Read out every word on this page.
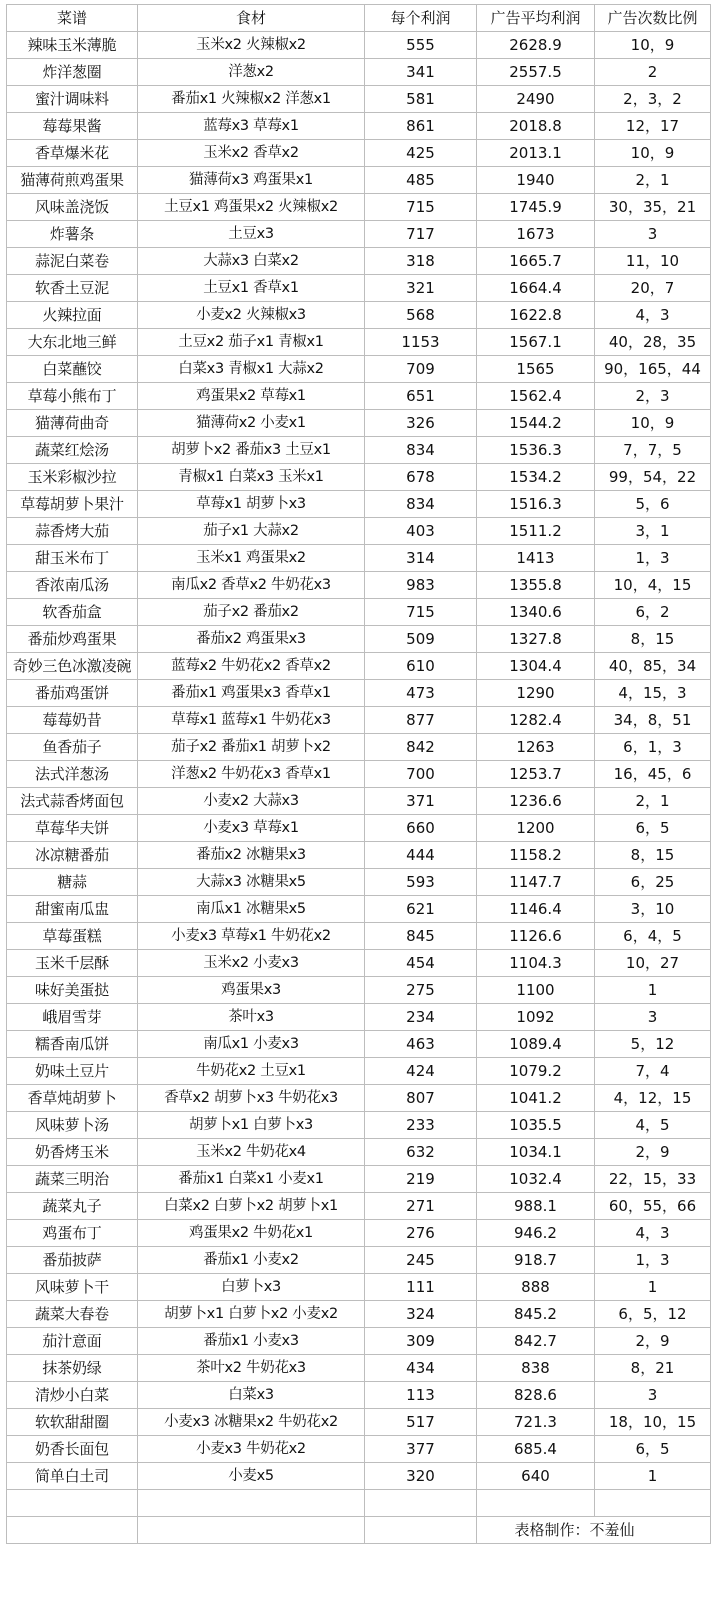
菜谱	食材	每个利润	广告平均利润	广告次数比例
辣味玉米薄脆	玉米x2 火辣椒x2	555	2628.9	10，9
炸洋葱圈	洋葱x2	341	2557.5	2
蜜汁调味料	番茄x1 火辣椒x2 洋葱x1	581	2490	2，3，2
莓莓果酱	蓝莓x3 草莓x1	861	2018.8	12，17
香草爆米花	玉米x2 香草x2	425	2013.1	10，9
猫薄荷煎鸡蛋果	猫薄荷x3 鸡蛋果x1	485	1940	2，1
风味盖浇饭	土豆x1 鸡蛋果x2 火辣椒x2	715	1745.9	30，35，21
炸薯条	土豆x3	717	1673	3
蒜泥白菜卷	大蒜x3 白菜x2	318	1665.7	11，10
软香土豆泥	土豆x1 香草x1	321	1664.4	20，7
火辣拉面	小麦x2 火辣椒x3	568	1622.8	4，3
大东北地三鲜	土豆x2 茄子x1 青椒x1	1153	1567.1	40，28，35
白菜蘸饺	白菜x3 青椒x1 大蒜x2	709	1565	90，165，44
草莓小熊布丁	鸡蛋果x2 草莓x1	651	1562.4	2，3
猫薄荷曲奇	猫薄荷x2 小麦x1	326	1544.2	10，9
蔬菜红烩汤	胡萝卜x2 番茄x3 土豆x1	834	1536.3	7，7，5
玉米彩椒沙拉	青椒x1 白菜x3 玉米x1	678	1534.2	99，54，22
草莓胡萝卜果汁	草莓x1 胡萝卜x3	834	1516.3	5，6
蒜香烤大茄	茄子x1 大蒜x2	403	1511.2	3，1
甜玉米布丁	玉米x1 鸡蛋果x2	314	1413	1，3
香浓南瓜汤	南瓜x2 香草x2 牛奶花x3	983	1355.8	10，4，15
软香茄盒	茄子x2 番茄x2	715	1340.6	6，2
番茄炒鸡蛋果	番茄x2 鸡蛋果x3	509	1327.8	8，15
奇妙三色冰激凌碗	蓝莓x2 牛奶花x2 香草x2	610	1304.4	40，85，34
番茄鸡蛋饼	番茄x1 鸡蛋果x3 香草x1	473	1290	4，15，3
莓莓奶昔	草莓x1 蓝莓x1 牛奶花x3	877	1282.4	34，8，51
鱼香茄子	茄子x2 番茄x1 胡萝卜x2	842	1263	6，1，3
法式洋葱汤	洋葱x2 牛奶花x3 香草x1	700	1253.7	16，45，6
法式蒜香烤面包	小麦x2 大蒜x3	371	1236.6	2，1
草莓华夫饼	小麦x3 草莓x1	660	1200	6，5
冰凉糖番茄	番茄x2 冰糖果x3	444	1158.2	8，15
糖蒜	大蒜x3 冰糖果x5	593	1147.7	6，25
甜蜜南瓜盅	南瓜x1 冰糖果x5	621	1146.4	3，10
草莓蛋糕	小麦x3 草莓x1 牛奶花x2	845	1126.6	6，4，5
玉米千层酥	玉米x2 小麦x3	454	1104.3	10，27
味好美蛋挞	鸡蛋果x3	275	1100	1
峨眉雪芽	茶叶x3	234	1092	3
糯香南瓜饼	南瓜x1 小麦x3	463	1089.4	5，12
奶味土豆片	牛奶花x2 土豆x1	424	1079.2	7，4
香草炖胡萝卜	香草x2 胡萝卜x3 牛奶花x3	807	1041.2	4，12，15
风味萝卜汤	胡萝卜x1 白萝卜x3	233	1035.5	4，5
奶香烤玉米	玉米x2 牛奶花x4	632	1034.1	2，9
蔬菜三明治	番茄x1 白菜x1 小麦x1	219	1032.4	22，15，33
蔬菜丸子	白菜x2 白萝卜x2 胡萝卜x1	271	988.1	60，55，66
鸡蛋布丁	鸡蛋果x2 牛奶花x1	276	946.2	4，3
番茄披萨	番茄x1 小麦x2	245	918.7	1，3
风味萝卜干	白萝卜x3	111	888	1
蔬菜大春卷	胡萝卜x1 白萝卜x2 小麦x2	324	845.2	6，5，12
茄汁意面	番茄x1 小麦x3	309	842.7	2，9
抹茶奶绿	茶叶x2 牛奶花x3	434	838	8，21
清炒小白菜	白菜x3	113	828.6	3
软软甜甜圈	小麦x3 冰糖果x2 牛奶花x2	517	721.3	18，10，15
奶香长面包	小麦x3 牛奶花x2	377	685.4	6，5
简单白土司	小麦x5	320	640	1

			表格制作：不羞仙	
